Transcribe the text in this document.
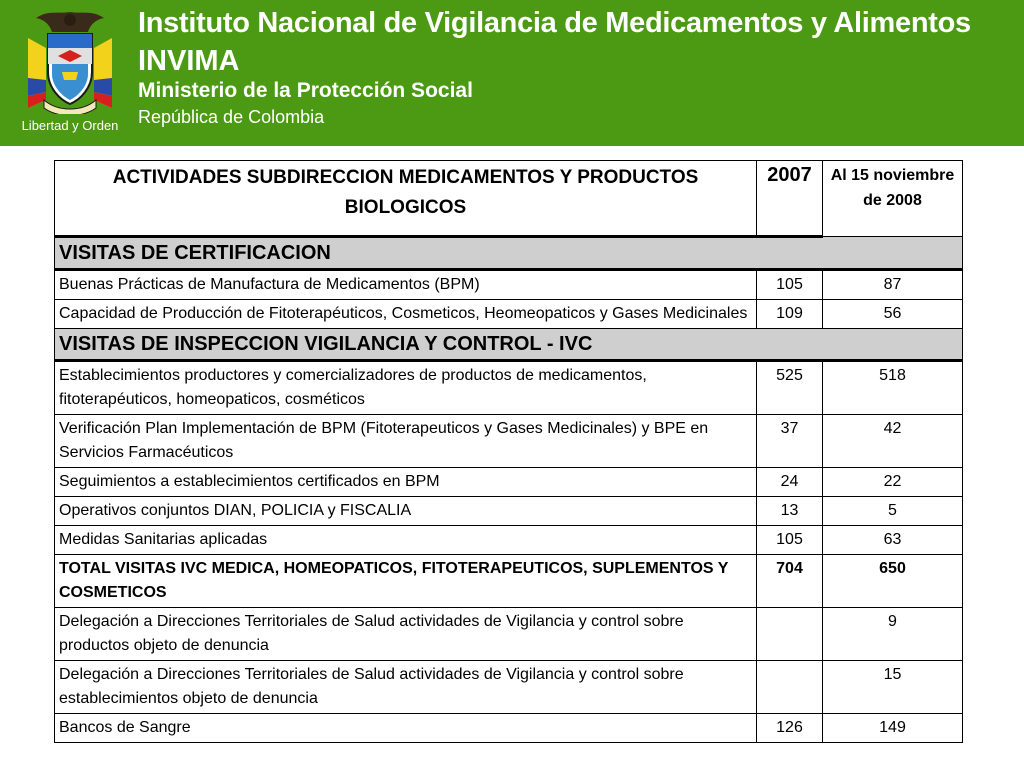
Libertad y Orden
Instituto Nacional de Vigilancia de Medicamentos y Alimentos
INVIMA
Ministerio de la Protección Social
República de Colombia
ACTIVIDADES SUBDIRECCION MEDICAMENTOS Y PRODUCTOS BIOLOGICOS	2007	Al 15 noviembre de 2008
VISITAS DE CERTIFICACION		
Buenas Prácticas de Manufactura de Medicamentos (BPM)	105	87
Capacidad de Producción de Fitoterapéuticos, Cosmeticos, Heomeopaticos y Gases Medicinales	109	56
VISITAS DE INSPECCION VIGILANCIA Y CONTROL - IVC		
Establecimientos productores y comercializadores de productos de medicamentos, fitoterapéuticos, homeopaticos, cosméticos	525	518
Verificación Plan Implementación de BPM (Fitoterapeuticos y Gases Medicinales) y BPE en Servicios Farmacéuticos	37	42
Seguimientos a establecimientos certificados en BPM	24	22
Operativos conjuntos DIAN, POLICIA y FISCALIA	13	5
Medidas Sanitarias aplicadas	105	63
TOTAL VISITAS IVC MEDICA, HOMEOPATICOS, FITOTERAPEUTICOS, SUPLEMENTOS Y COSMETICOS	704	650
Delegación a Direcciones Territoriales de Salud actividades de Vigilancia y control sobre productos objeto de denuncia		9
Delegación a Direcciones Territoriales de Salud actividades de Vigilancia y control sobre establecimientos objeto de denuncia		15
Bancos de Sangre	126	149
